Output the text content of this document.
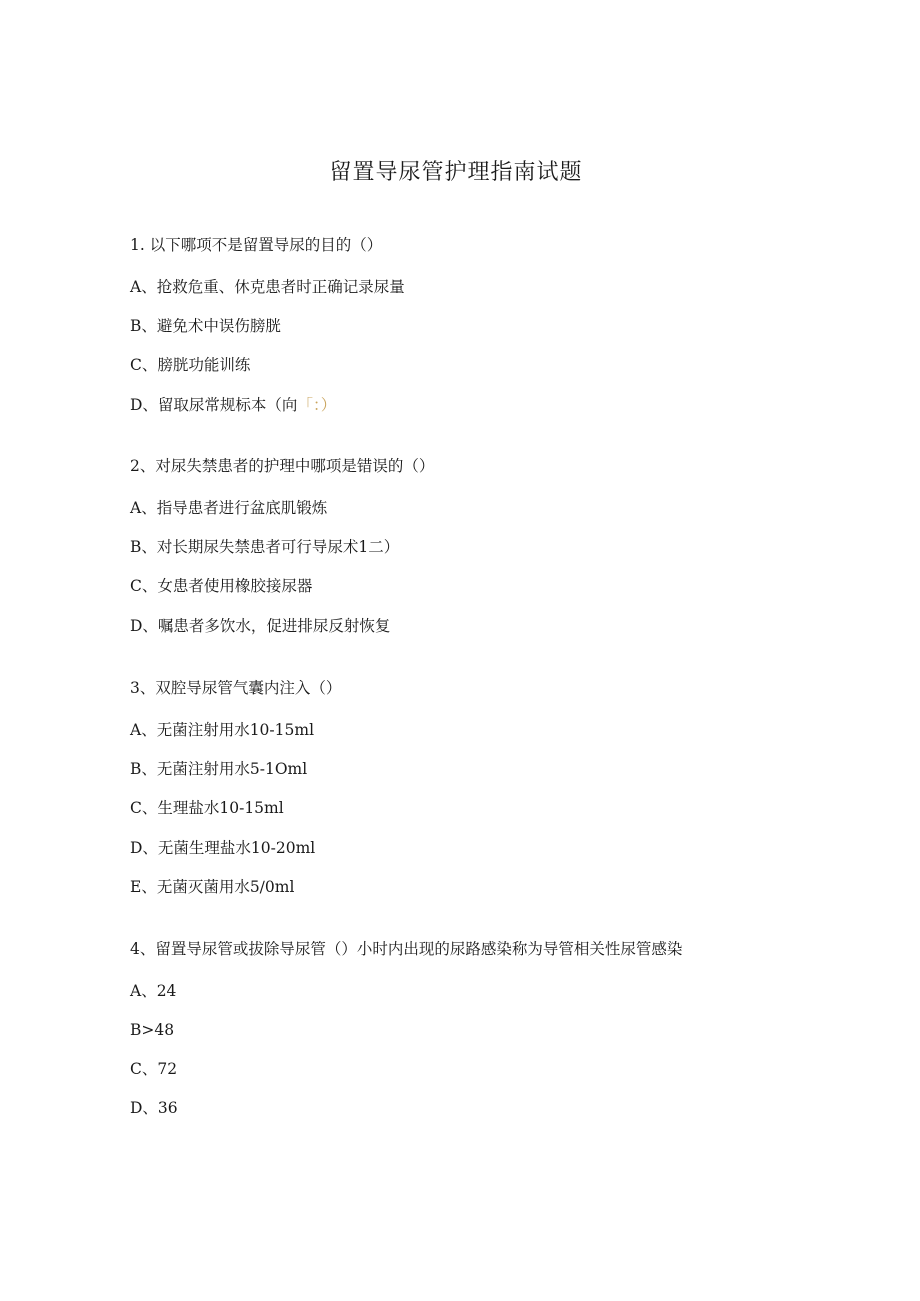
留置导尿管护理指南试题
1. 以下哪项不是留置导尿的目的（）
A、抢救危重、休克患者时正确记录尿量
B、避免术中误伤膀胱
C、膀胱功能训练
D、留取尿常规标本（向「：）
2、对尿失禁患者的护理中哪项是错误的（）
A、指导患者进行盆底肌锻炼
B、对长期尿失禁患者可行导尿术1二）
C、女患者使用橡胶接尿器
D、嘱患者多饮水，促进排尿反射恢复
3、双腔导尿管气囊内注入（）
A、无菌注射用水10-15ml
B、无菌注射用水5-1Oml
C、生理盐水10-15ml
D、无菌生理盐水10-20ml
E、无菌灭菌用水5∕0ml
4、留置导尿管或拔除导尿管（）小时内出现的尿路感染称为导管相关性尿管感染
A、24
B>48
C、72
D、36
